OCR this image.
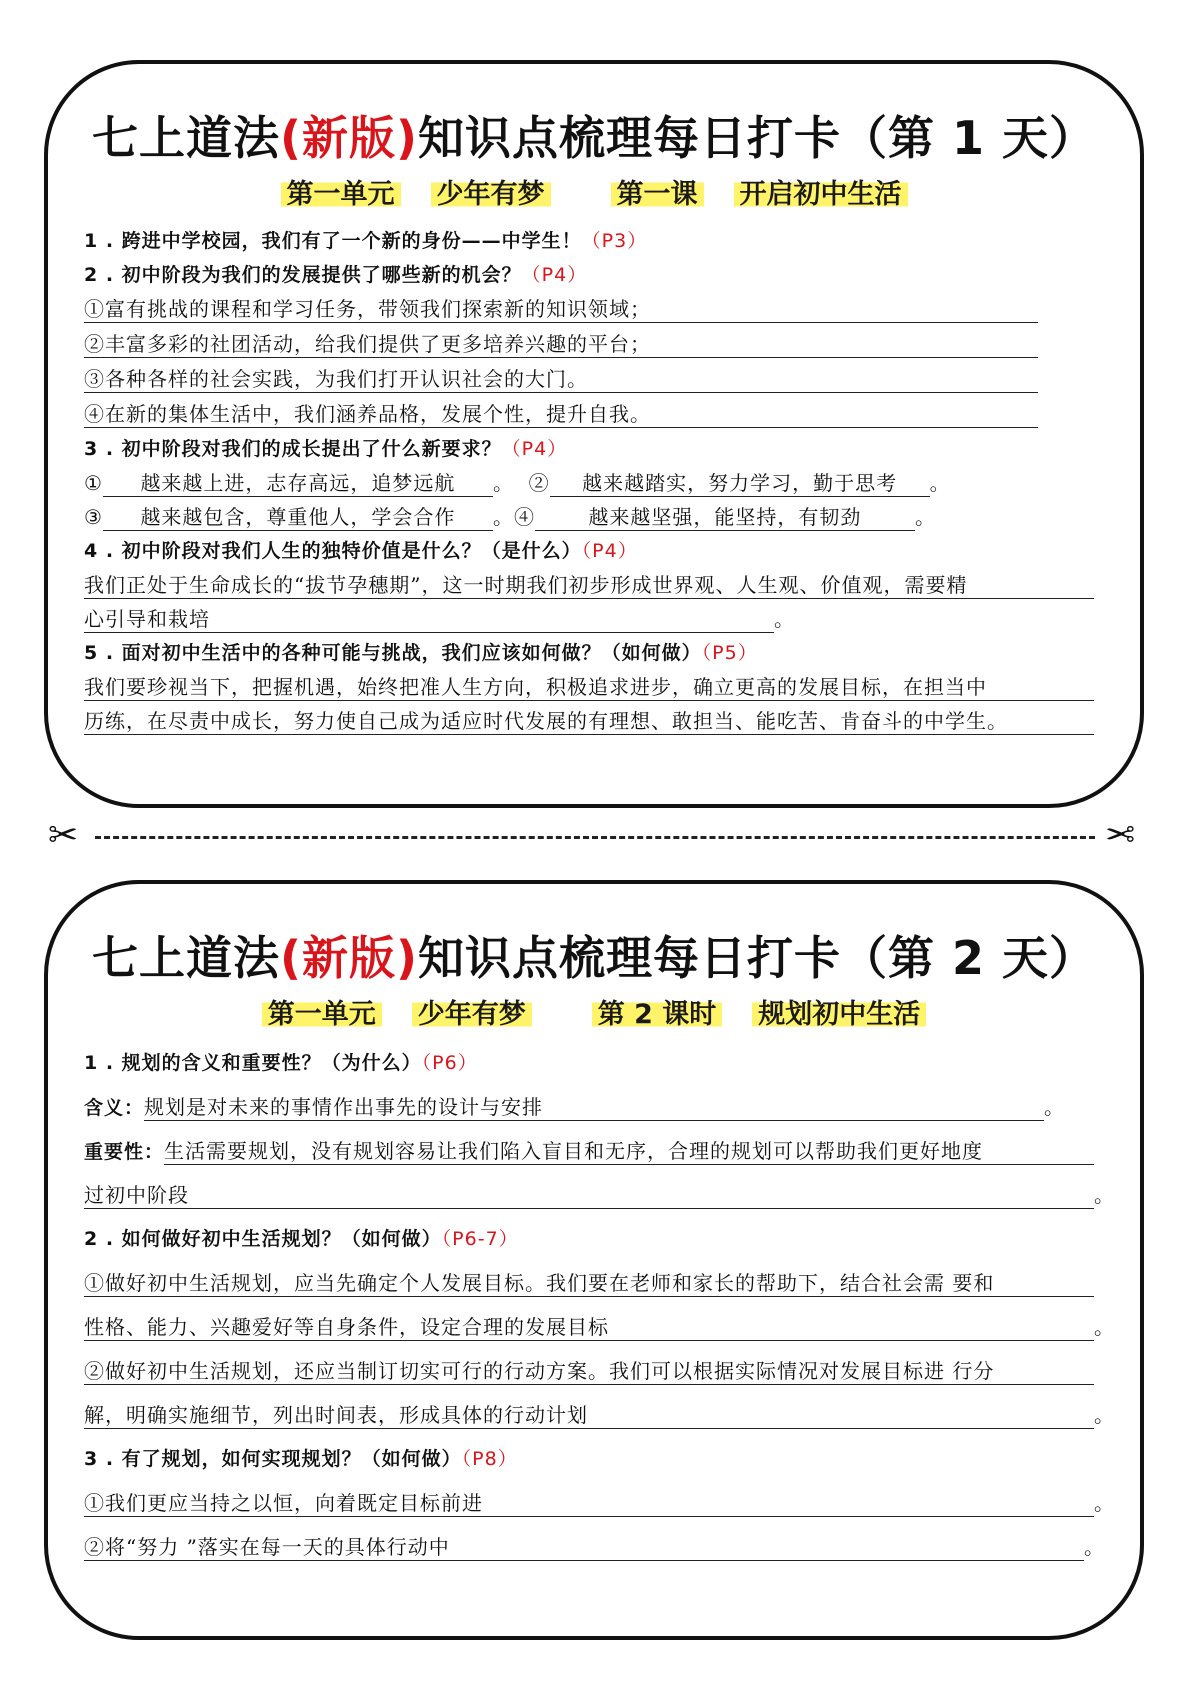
七上道法(新版)知识点梳理每日打卡（第 1 天）
第一单元 少年有梦	第一课 开启初中生活
1 . 跨进中学校园，我们有了一个新的身份——中学生！（P3）
2 . 初中阶段为我们的发展提供了哪些新的机会？（P4）
①富有挑战的课程和学习任务，带领我们探索新的知识领域；
②丰富多彩的社团活动，给我们提供了更多培养兴趣的平台；
③各种各样的社会实践，为我们打开认识社会的大门。
④在新的集体生活中，我们涵养品格，发展个性，提升自我。
3 . 初中阶段对我们的成长提出了什么新要求？（P4）
① 越来越上进，志存高远，追梦远航 。 ② 越来越踏实，努力学习，勤于思考 。
③ 越来越包含，尊重他人，学会合作 。④	越来越坚强，能坚持，有韧劲	。
4 . 初中阶段对我们人生的独特价值是什么？（是什么）（P4）
我们正处于生命成长的“拔节孕穗期”，这一时期我们初步形成世界观、人生观、价值观，需要精
心引导和栽培	。
5 . 面对初中生活中的各种可能与挑战，我们应该如何做？（如何做）（P5）
我们要珍视当下，把握机遇，始终把准人生方向，积极追求进步，确立更高的发展目标，在担当中
历练，在尽责中成长，努力使自己成为适应时代发展的有理想、敢担当、能吃苦、肯奋斗的中学生。
✂	✂
七上道法(新版)知识点梳理每日打卡（第 2 天）
第一单元 少年有梦	第 2 课时 规划初中生活
1 . 规划的含义和重要性？（为什么）（P6）
含义：规划是对未来的事情作出事先的设计与安排	。
重要性：生活需要规划，没有规划容易让我们陷入盲目和无序，合理的规划可以帮助我们更好地度
过初中阶段	。
2 . 如何做好初中生活规划？（如何做）（P6-7）
①做好初中生活规划，应当先确定个人发展目标。我们要在老师和家长的帮助下，结合社会需 要和
性格、能力、兴趣爱好等自身条件，设定合理的发展目标	。
②做好初中生活规划，还应当制订切实可行的行动方案。我们可以根据实际情况对发展目标进 行分
解，明确实施细节，列出时间表，形成具体的行动计划	。
3 . 有了规划，如何实现规划？（如何做）（P8）
①我们更应当持之以恒，向着既定目标前进	。
②将“努力 ”落实在每一天的具体行动中	。
